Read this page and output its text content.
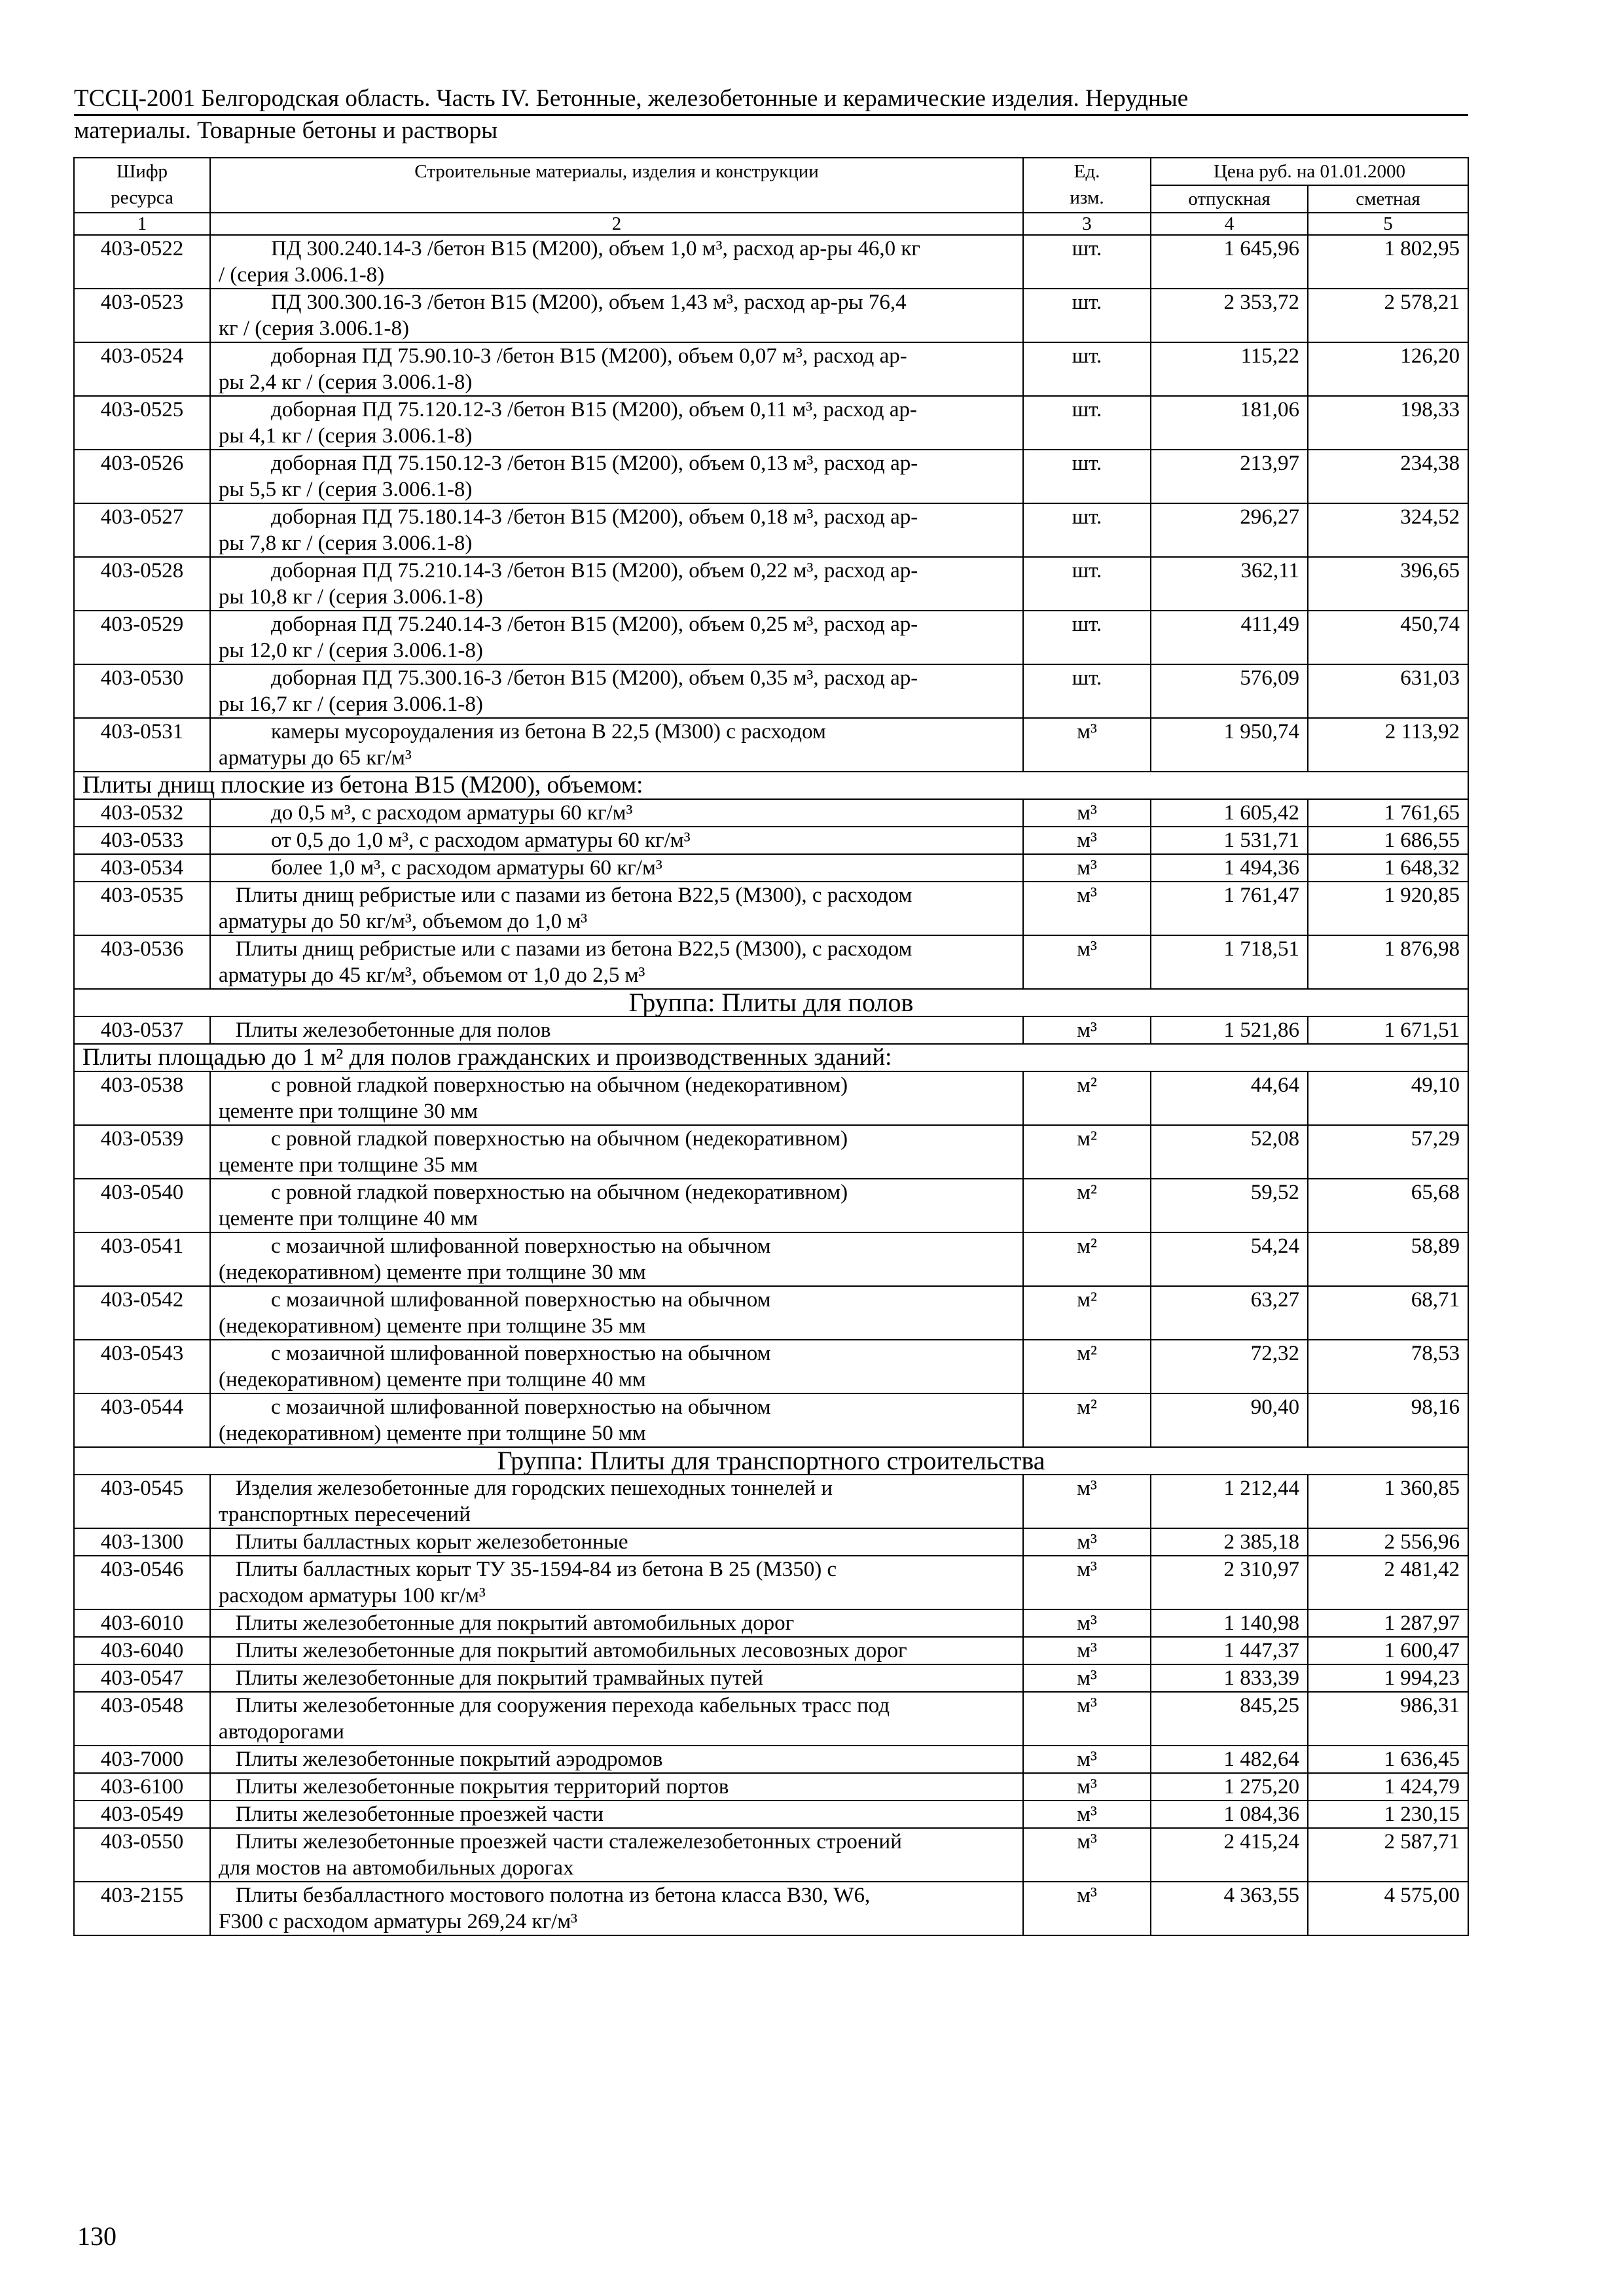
ТССЦ-2001 Белгородская область. Часть IV. Бетонные, железобетонные и керамические изделия. Нерудные
материалы. Товарные бетоны и растворы
Шифр
ресурса	Строительные материалы, изделия и конструкции	Ед.
изм.	Цена руб. на 01.01.2000	
			отпускная	сметная
1	2	3	4	5
403-0522	ПД 300.240.14-3 /бетон В15 (М200), объем 1,0 м³, расход ар-ры 46,0 кг
/ (серия 3.006.1-8)	шт.	1 645,96	1 802,95
403-0523	ПД 300.300.16-3 /бетон В15 (М200), объем 1,43 м³, расход ар-ры 76,4
кг / (серия 3.006.1-8)	шт.	2 353,72	2 578,21
403-0524	доборная ПД 75.90.10-3 /бетон В15 (М200), объем 0,07 м³, расход ар-
ры 2,4 кг / (серия 3.006.1-8)	шт.	115,22	126,20
403-0525	доборная ПД 75.120.12-3 /бетон В15 (М200), объем 0,11 м³, расход ар-
ры 4,1 кг / (серия 3.006.1-8)	шт.	181,06	198,33
403-0526	доборная ПД 75.150.12-3 /бетон В15 (М200), объем 0,13 м³, расход ар-
ры 5,5 кг / (серия 3.006.1-8)	шт.	213,97	234,38
403-0527	доборная ПД 75.180.14-3 /бетон В15 (М200), объем 0,18 м³, расход ар-
ры 7,8 кг / (серия 3.006.1-8)	шт.	296,27	324,52
403-0528	доборная ПД 75.210.14-3 /бетон В15 (М200), объем 0,22 м³, расход ар-
ры 10,8 кг / (серия 3.006.1-8)	шт.	362,11	396,65
403-0529	доборная ПД 75.240.14-3 /бетон В15 (М200), объем 0,25 м³, расход ар-
ры 12,0 кг / (серия 3.006.1-8)	шт.	411,49	450,74
403-0530	доборная ПД 75.300.16-3 /бетон В15 (М200), объем 0,35 м³, расход ар-
ры 16,7 кг / (серия 3.006.1-8)	шт.	576,09	631,03
403-0531	камеры мусороудаления из бетона В 22,5 (М300) с расходом
арматуры до 65 кг/м³	м³	1 950,74	2 113,92
Плиты днищ плоские из бетона В15 (М200), объемом:				
403-0532	до 0,5 м³, с расходом арматуры 60 кг/м³	м³	1 605,42	1 761,65
403-0533	от 0,5 до 1,0 м³, с расходом арматуры 60 кг/м³	м³	1 531,71	1 686,55
403-0534	более 1,0 м³, с расходом арматуры 60 кг/м³	м³	1 494,36	1 648,32
403-0535	Плиты днищ ребристые или с пазами из бетона В22,5 (М300), с расходом
арматуры до 50 кг/м³, объемом до 1,0 м³	м³	1 761,47	1 920,85
403-0536	Плиты днищ ребристые или с пазами из бетона В22,5 (М300), с расходом
арматуры до 45 кг/м³, объемом от 1,0 до 2,5 м³	м³	1 718,51	1 876,98
Группа: Плиты для полов				
403-0537	Плиты железобетонные для полов	м³	1 521,86	1 671,51
Плиты площадью до 1 м² для полов гражданских и производственных зданий:				
403-0538	с ровной гладкой поверхностью на обычном (недекоративном)
цементе при толщине 30 мм	м²	44,64	49,10
403-0539	с ровной гладкой поверхностью на обычном (недекоративном)
цементе при толщине 35 мм	м²	52,08	57,29
403-0540	с ровной гладкой поверхностью на обычном (недекоративном)
цементе при толщине 40 мм	м²	59,52	65,68
403-0541	с мозаичной шлифованной поверхностью на обычном
(недекоративном) цементе при толщине 30 мм	м²	54,24	58,89
403-0542	с мозаичной шлифованной поверхностью на обычном
(недекоративном) цементе при толщине 35 мм	м²	63,27	68,71
403-0543	с мозаичной шлифованной поверхностью на обычном
(недекоративном) цементе при толщине 40 мм	м²	72,32	78,53
403-0544	с мозаичной шлифованной поверхностью на обычном
(недекоративном) цементе при толщине 50 мм	м²	90,40	98,16
Группа: Плиты для транспортного строительства				
403-0545	Изделия железобетонные для городских пешеходных тоннелей и
транспортных пересечений	м³	1 212,44	1 360,85
403-1300	Плиты балластных корыт железобетонные	м³	2 385,18	2 556,96
403-0546	Плиты балластных корыт ТУ 35-1594-84 из бетона В 25 (М350) с
расходом арматуры 100 кг/м³	м³	2 310,97	2 481,42
403-6010	Плиты железобетонные для покрытий автомобильных дорог	м³	1 140,98	1 287,97
403-6040	Плиты железобетонные для покрытий автомобильных лесовозных дорог	м³	1 447,37	1 600,47
403-0547	Плиты железобетонные для покрытий трамвайных путей	м³	1 833,39	1 994,23
403-0548	Плиты железобетонные для сооружения перехода кабельных трасс под
автодорогами	м³	845,25	986,31
403-7000	Плиты железобетонные покрытий аэродромов	м³	1 482,64	1 636,45
403-6100	Плиты железобетонные покрытия территорий портов	м³	1 275,20	1 424,79
403-0549	Плиты железобетонные проезжей части	м³	1 084,36	1 230,15
403-0550	Плиты железобетонные проезжей части сталежелезобетонных строений
для мостов на автомобильных дорогах	м³	2 415,24	2 587,71
403-2155	Плиты безбалластного мостового полотна из бетона класса В30, W6,
F300 с расходом арматуры 269,24 кг/м³	м³	4 363,55	4 575,00
130
